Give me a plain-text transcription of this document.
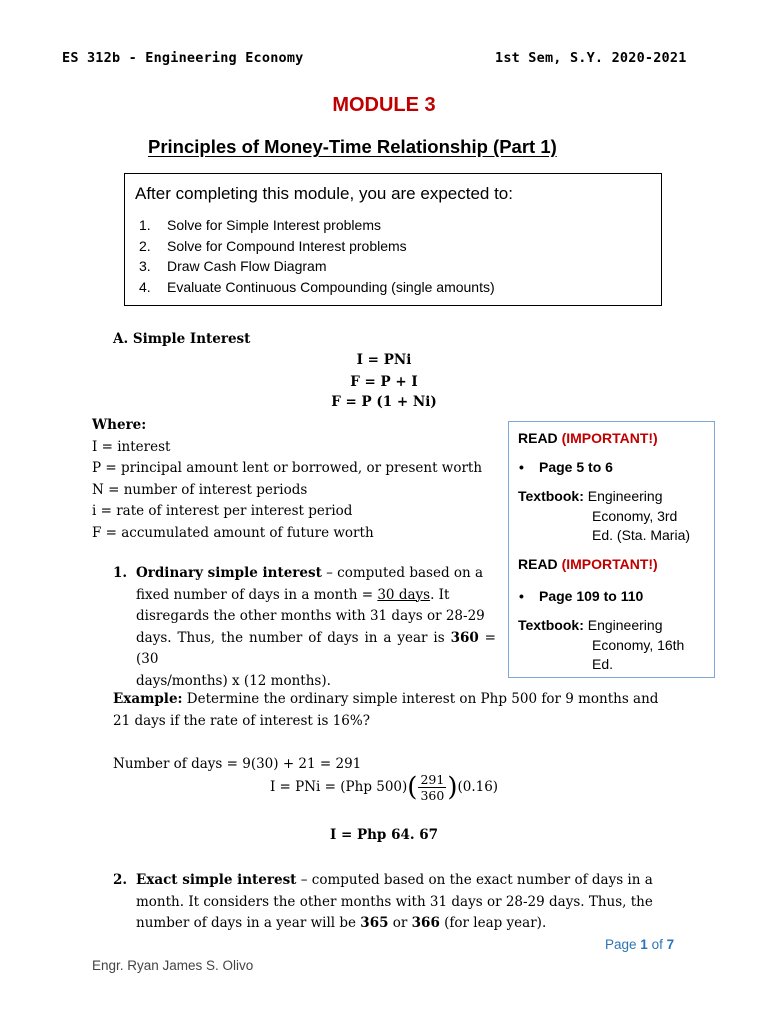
ES 312b - Engineering Economy	1st Sem, S.Y. 2020-2021
MODULE 3
Principles of Money-Time Relationship (Part 1)
After completing this module, you are expected to:
1. Solve for Simple Interest problems
2. Solve for Compound Interest problems
3. Draw Cash Flow Diagram
4. Evaluate Continuous Compounding (single amounts)
A. Simple Interest
I = PNi
F = P + I
F = P (1 + Ni)
Where:
I = interest
P = principal amount lent or borrowed, or present worth
N = number of interest periods
i = rate of interest per interest period
F = accumulated amount of future worth
READ (IMPORTANT!)
• Page 5 to 6
Textbook: Engineering
Economy, 3rd
Ed. (Sta. Maria)
READ (IMPORTANT!)
• Page 109 to 110
Textbook: Engineering
Economy, 16th
Ed.
1. Ordinary simple interest – computed based on a
fixed number of days in a month = 30 days. It
disregards the other months with 31 days or 28-29
days. Thus, the number of days in a year is 360 = (30
days/months) x (12 months).
Example: Determine the ordinary simple interest on Php 500 for 9 months and
21 days if the rate of interest is 16%?
Number of days = 9(30) + 21 = 291
I = PNi = (Php $500)( \frac{291}{360} )(0.16)$
I = Php 64. 67
2. Exact simple interest – computed based on the exact number of days in a
month. It considers the other months with 31 days or 28-29 days. Thus, the
number of days in a year will be 365 or 366 (for leap year).
Page 1 of 7
Engr. Ryan James S. Olivo
